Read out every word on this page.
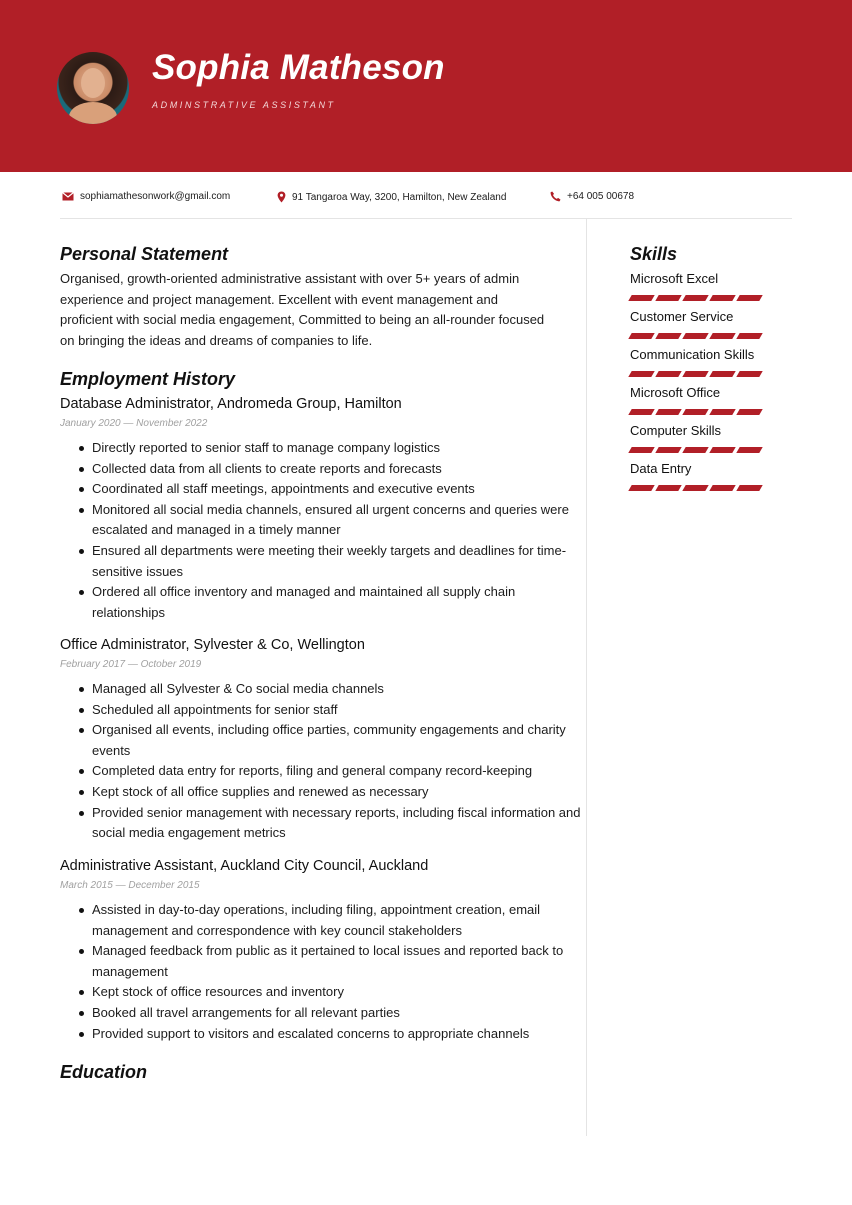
Sophia Matheson
ADMINSTRATIVE ASSISTANT
sophiamathesonwork@gmail.com	91 Tangaroa Way, 3200, Hamilton, New Zealand	+64 005 00678
Personal Statement
Organised, growth-oriented administrative assistant with over 5+ years of admin experience and project management. Excellent with event management and proficient with social media engagement, Committed to being an all-rounder focused on bringing the ideas and dreams of companies to life.
Employment History
Database Administrator, Andromeda Group, Hamilton
January 2020 — November 2022
Directly reported to senior staff to manage company logistics
Collected data from all clients to create reports and forecasts
Coordinated all staff meetings, appointments and executive events
Monitored all social media channels, ensured all urgent concerns and queries were escalated and managed in a timely manner
Ensured all departments were meeting their weekly targets and deadlines for time-sensitive issues
Ordered all office inventory and managed and maintained all supply chain relationships
Office Administrator, Sylvester & Co, Wellington
February 2017 — October 2019
Managed all Sylvester & Co social media channels
Scheduled all appointments for senior staff
Organised all events, including office parties, community engagements and charity events
Completed data entry for reports, filing and general company record-keeping
Kept stock of all office supplies and renewed as necessary
Provided senior management with necessary reports, including fiscal information and social media engagement metrics
Administrative Assistant, Auckland City Council, Auckland
March 2015 — December 2015
Assisted in day-to-day operations, including filing, appointment creation, email management and correspondence with key council stakeholders
Managed feedback from public as it pertained to local issues and reported back to management
Kept stock of office resources and inventory
Booked all travel arrangements for all relevant parties
Provided support to visitors and escalated concerns to appropriate channels
Education
Skills
Microsoft Excel
Customer Service
Communication Skills
Microsoft Office
Computer Skills
Data Entry
